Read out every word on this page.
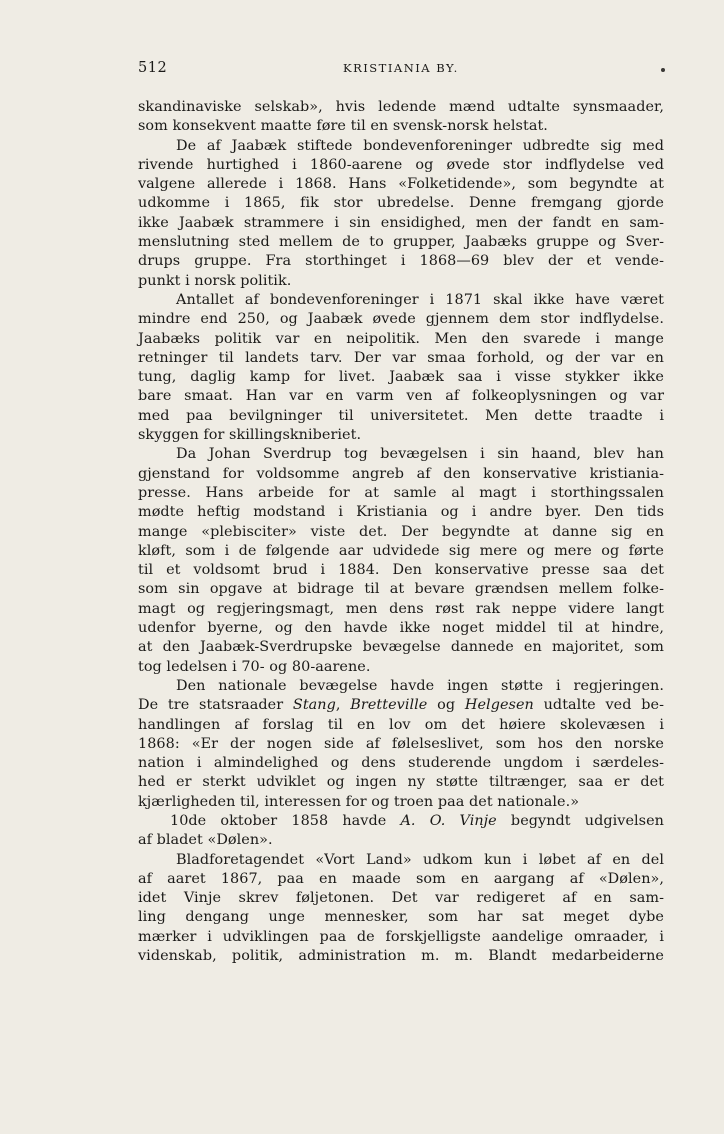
512	KRISTIANIA BY.
skandinaviske selskab», hvis ledende mænd udtalte synsmaader,
som konsekvent maatte føre til en svensk-norsk helstat.
De af Jaabæk stiftede bondevenforeninger udbredte sig med
rivende hurtighed i 1860-aarene og øvede stor indflydelse ved
valgene allerede i 1868. Hans «Folketidende», som begyndte at
udkomme i 1865, fik stor ubredelse. Denne fremgang gjorde
ikke Jaabæk strammere i sin ensidighed, men der fandt en sam-
menslutning sted mellem de to grupper, Jaabæks gruppe og Sver-
drups gruppe. Fra storthinget i 1868—69 blev der et vende-
punkt i norsk politik.
Antallet af bondevenforeninger i 1871 skal ikke have været
mindre end 250, og Jaabæk øvede gjennem dem stor indflydelse.
Jaabæks politik var en neipolitik. Men den svarede i mange
retninger til landets tarv. Der var smaa forhold, og der var en
tung, daglig kamp for livet. Jaabæk saa i visse stykker ikke
bare smaat. Han var en varm ven af folkeoplysningen og var
med paa bevilgninger til universitetet. Men dette traadte i
skyggen for skillingskniberiet.
Da Johan Sverdrup tog bevægelsen i sin haand, blev han
gjenstand for voldsomme angreb af den konservative kristiania-
presse. Hans arbeide for at samle al magt i storthingssalen
mødte heftig modstand i Kristiania og i andre byer. Den tids
mange «plebisciter» viste det. Der begyndte at danne sig en
kløft, som i de følgende aar udvidede sig mere og mere og førte
til et voldsomt brud i 1884. Den konservative presse saa det
som sin opgave at bidrage til at bevare grændsen mellem folke-
magt og regjeringsmagt, men dens røst rak neppe videre langt
udenfor byerne, og den havde ikke noget middel til at hindre,
at den Jaabæk-Sverdrupske bevægelse dannede en majoritet, som
tog ledelsen i 70- og 80-aarene.
Den nationale bevægelse havde ingen støtte i regjeringen.
De tre statsraader Stang, Bretteville og Helgesen udtalte ved be-
handlingen af forslag til en lov om det høiere skolevæsen i
1868: «Er der nogen side af følelseslivet, som hos den norske
nation i almindelighed og dens studerende ungdom i særdeles-
hed er sterkt udviklet og ingen ny støtte tiltrænger, saa er det
kjærligheden til, interessen for og troen paa det nationale.»
10de oktober 1858 havde A. O. Vinje begyndt udgivelsen
af bladet «Dølen».
Bladforetagendet «Vort Land» udkom kun i løbet af en del
af aaret 1867, paa en maade som en aargang af «Dølen»,
idet Vinje skrev føljetonen. Det var redigeret af en sam-
ling dengang unge mennesker, som har sat meget dybe
mærker i udviklingen paa de forskjelligste aandelige omraader, i
videnskab, politik, administration m. m. Blandt medarbeiderne
